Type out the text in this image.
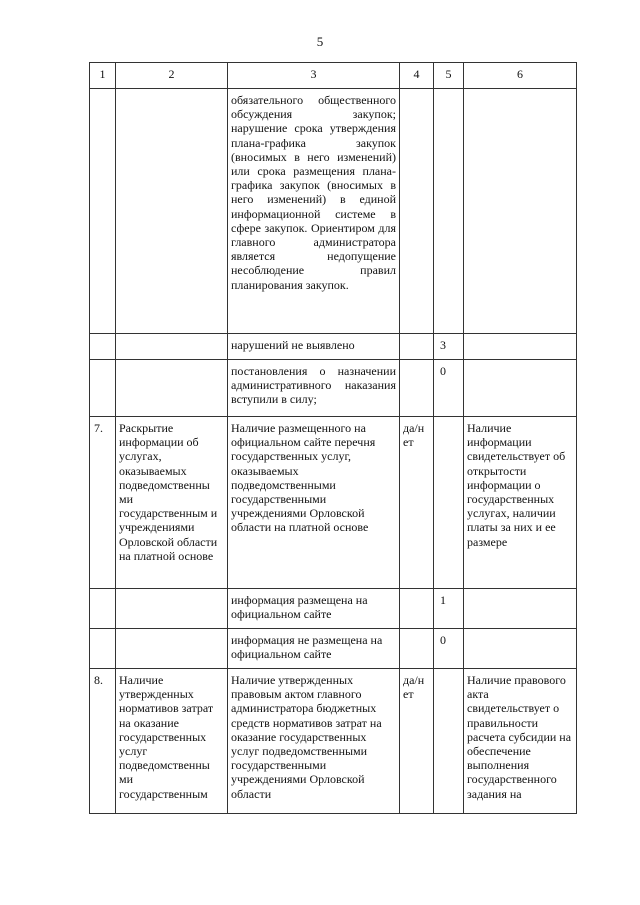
5
1	2	3	4	5	6
		обязательного общественного обсуждения закупок; нарушение срока утверждения плана-графика закупок (вносимых в него изменений) или срока размещения плана-графика закупок (вносимых в него изменений) в единой информационной системе в сфере закупок. Ориентиром для главного администратора является недопущение несоблюдение правил планирования закупок.			
		нарушений не выявлено		3	
		постановления о назначении административного наказания вступили в силу;		0	
7.	Раскрытие информации об услугах, оказываемых подведомственны ми государственным и учреждениями Орловской области на платной основе	Наличие размещенного на официальном сайте перечня государственных услуг, оказываемых подведомственными государственными учреждениями Орловской области на платной основе	да/н ет		Наличие информации свидетельствует об открытости информации о государственных услугах, наличии платы за них и ее размере
		информация размещена на официальном сайте		1	
		информация не размещена на официальном сайте		0	
8.	Наличие утвержденных нормативов затрат на оказание государственных услуг подведомственны ми государственным	Наличие утвержденных правовым актом главного администратора бюджетных средств нормативов затрат на оказание государственных услуг подведомственными государственными учреждениями Орловской области	да/н ет		Наличие правового акта свидетельствует о правильности расчета субсидии на обеспечение выполнения государственного задания на
